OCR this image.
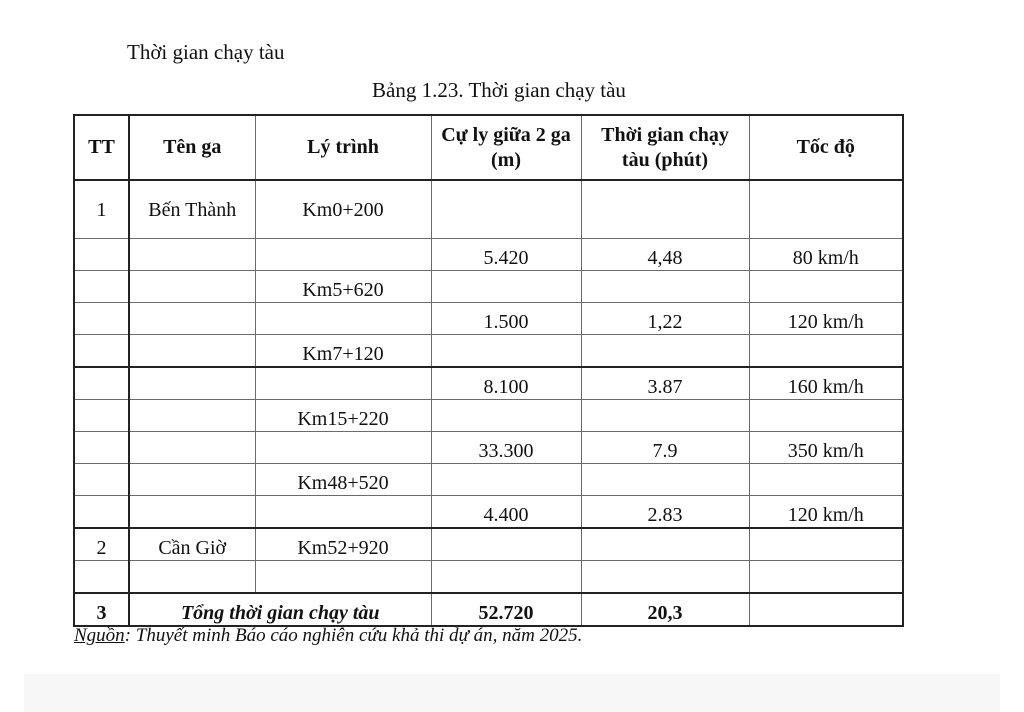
Thời gian chạy tàu
Bảng 1.23. Thời gian chạy tàu
TT	Tên ga	Lý trình	Cự ly giữa 2 ga (m)	Thời gian chạy tàu (phút)	Tốc độ
1	Bến Thành	Km0+200			
			5.420	4,48	80 km/h
		Km5+620			
			1.500	1,22	120 km/h
		Km7+120			
			8.100	3.87	160 km/h
		Km15+220			
			33.300	7.9	350 km/h
		Km48+520			
			4.400	2.83	120 km/h
2	Cần Giờ	Km52+920			

3	Tổng thời gian chạy tàu		52.720	20,3	
Nguồn: Thuyết minh Báo cáo nghiên cứu khả thi dự án, năm 2025.
